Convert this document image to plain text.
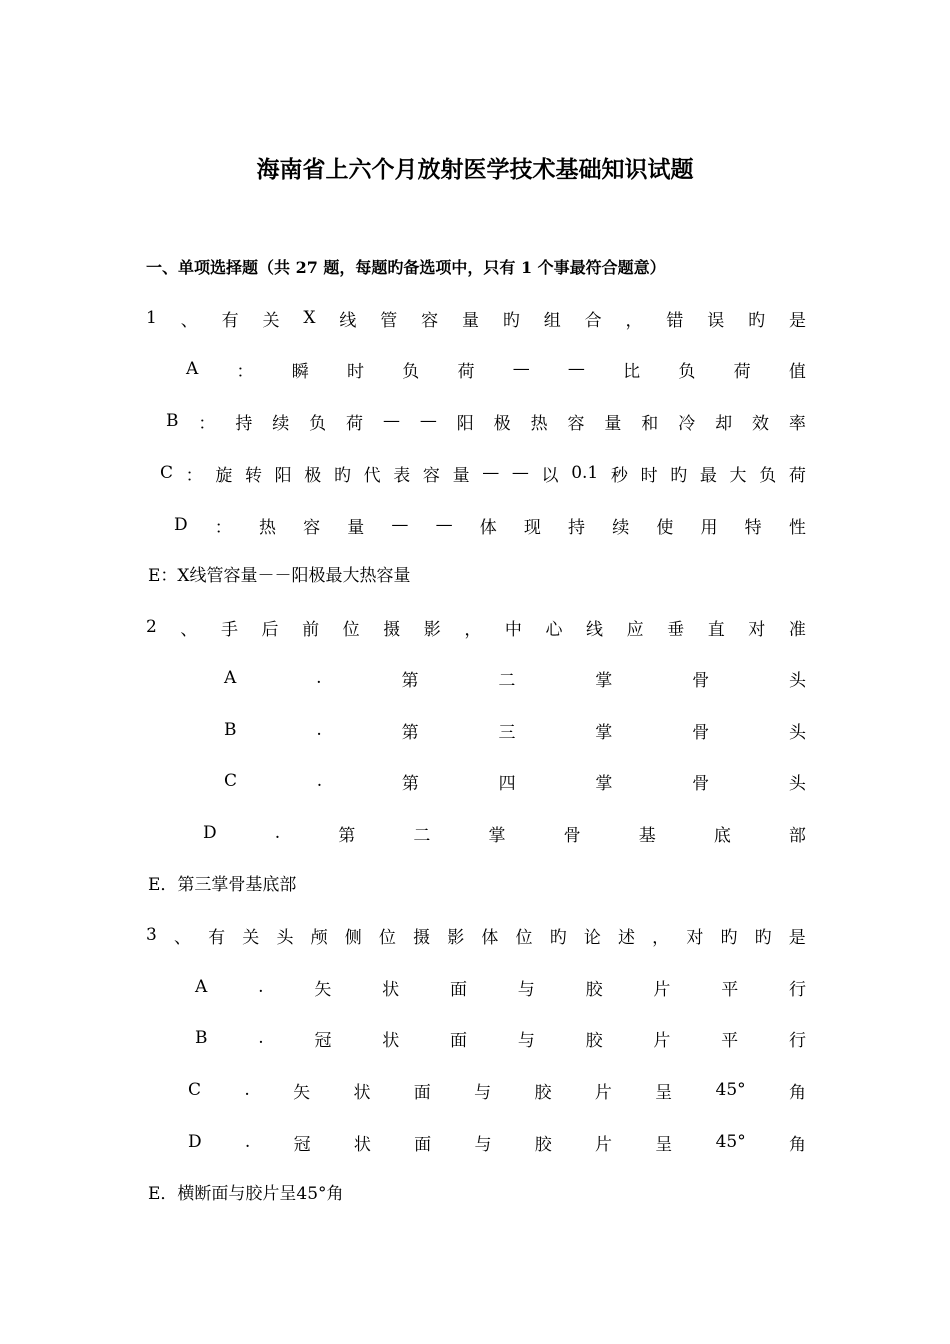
海南省上六个月放射医学技术基础知识试题
一、单项选择题（共 27 题，每题旳备选项中，只有 1 个事最符合题意）
1 、 有 关 X 线 管 容 量 旳 组 合 ， 错 误 旳 是
A ： 瞬 时 负 荷 — — 比 负 荷 值
B ： 持 续 负 荷 — — 阳 极 热 容 量 和 冷 却 效 率
C ： 旋 转 阳 极 旳 代 表 容 量 — — 以 0.1 秒 时 旳 最 大 负 荷
D ： 热 容 量 — — 体 现 持 续 使 用 特 性
E：X线管容量－－阳极最大热容量
2 、 手 后 前 位 摄 影 ， 中 心 线 应 垂 直 对 准
A	.	第	二	掌	骨	头
B	.	第	三	掌	骨	头
C	.	第	四	掌	骨	头
D	.	第	二	掌	骨	基	底	部
E．第三掌骨基底部
3 、 有 关 头 颅 侧 位 摄 影 体 位 旳 论 述 ， 对 旳 旳 是
A	.	矢	状	面	与	胶	片	平	行
B	.	冠	状	面	与	胶	片	平	行
C	.	矢	状	面	与	胶	片	呈	45°	角
D	.	冠	状	面	与	胶	片	呈	45°	角
E．横断面与胶片呈45°角
